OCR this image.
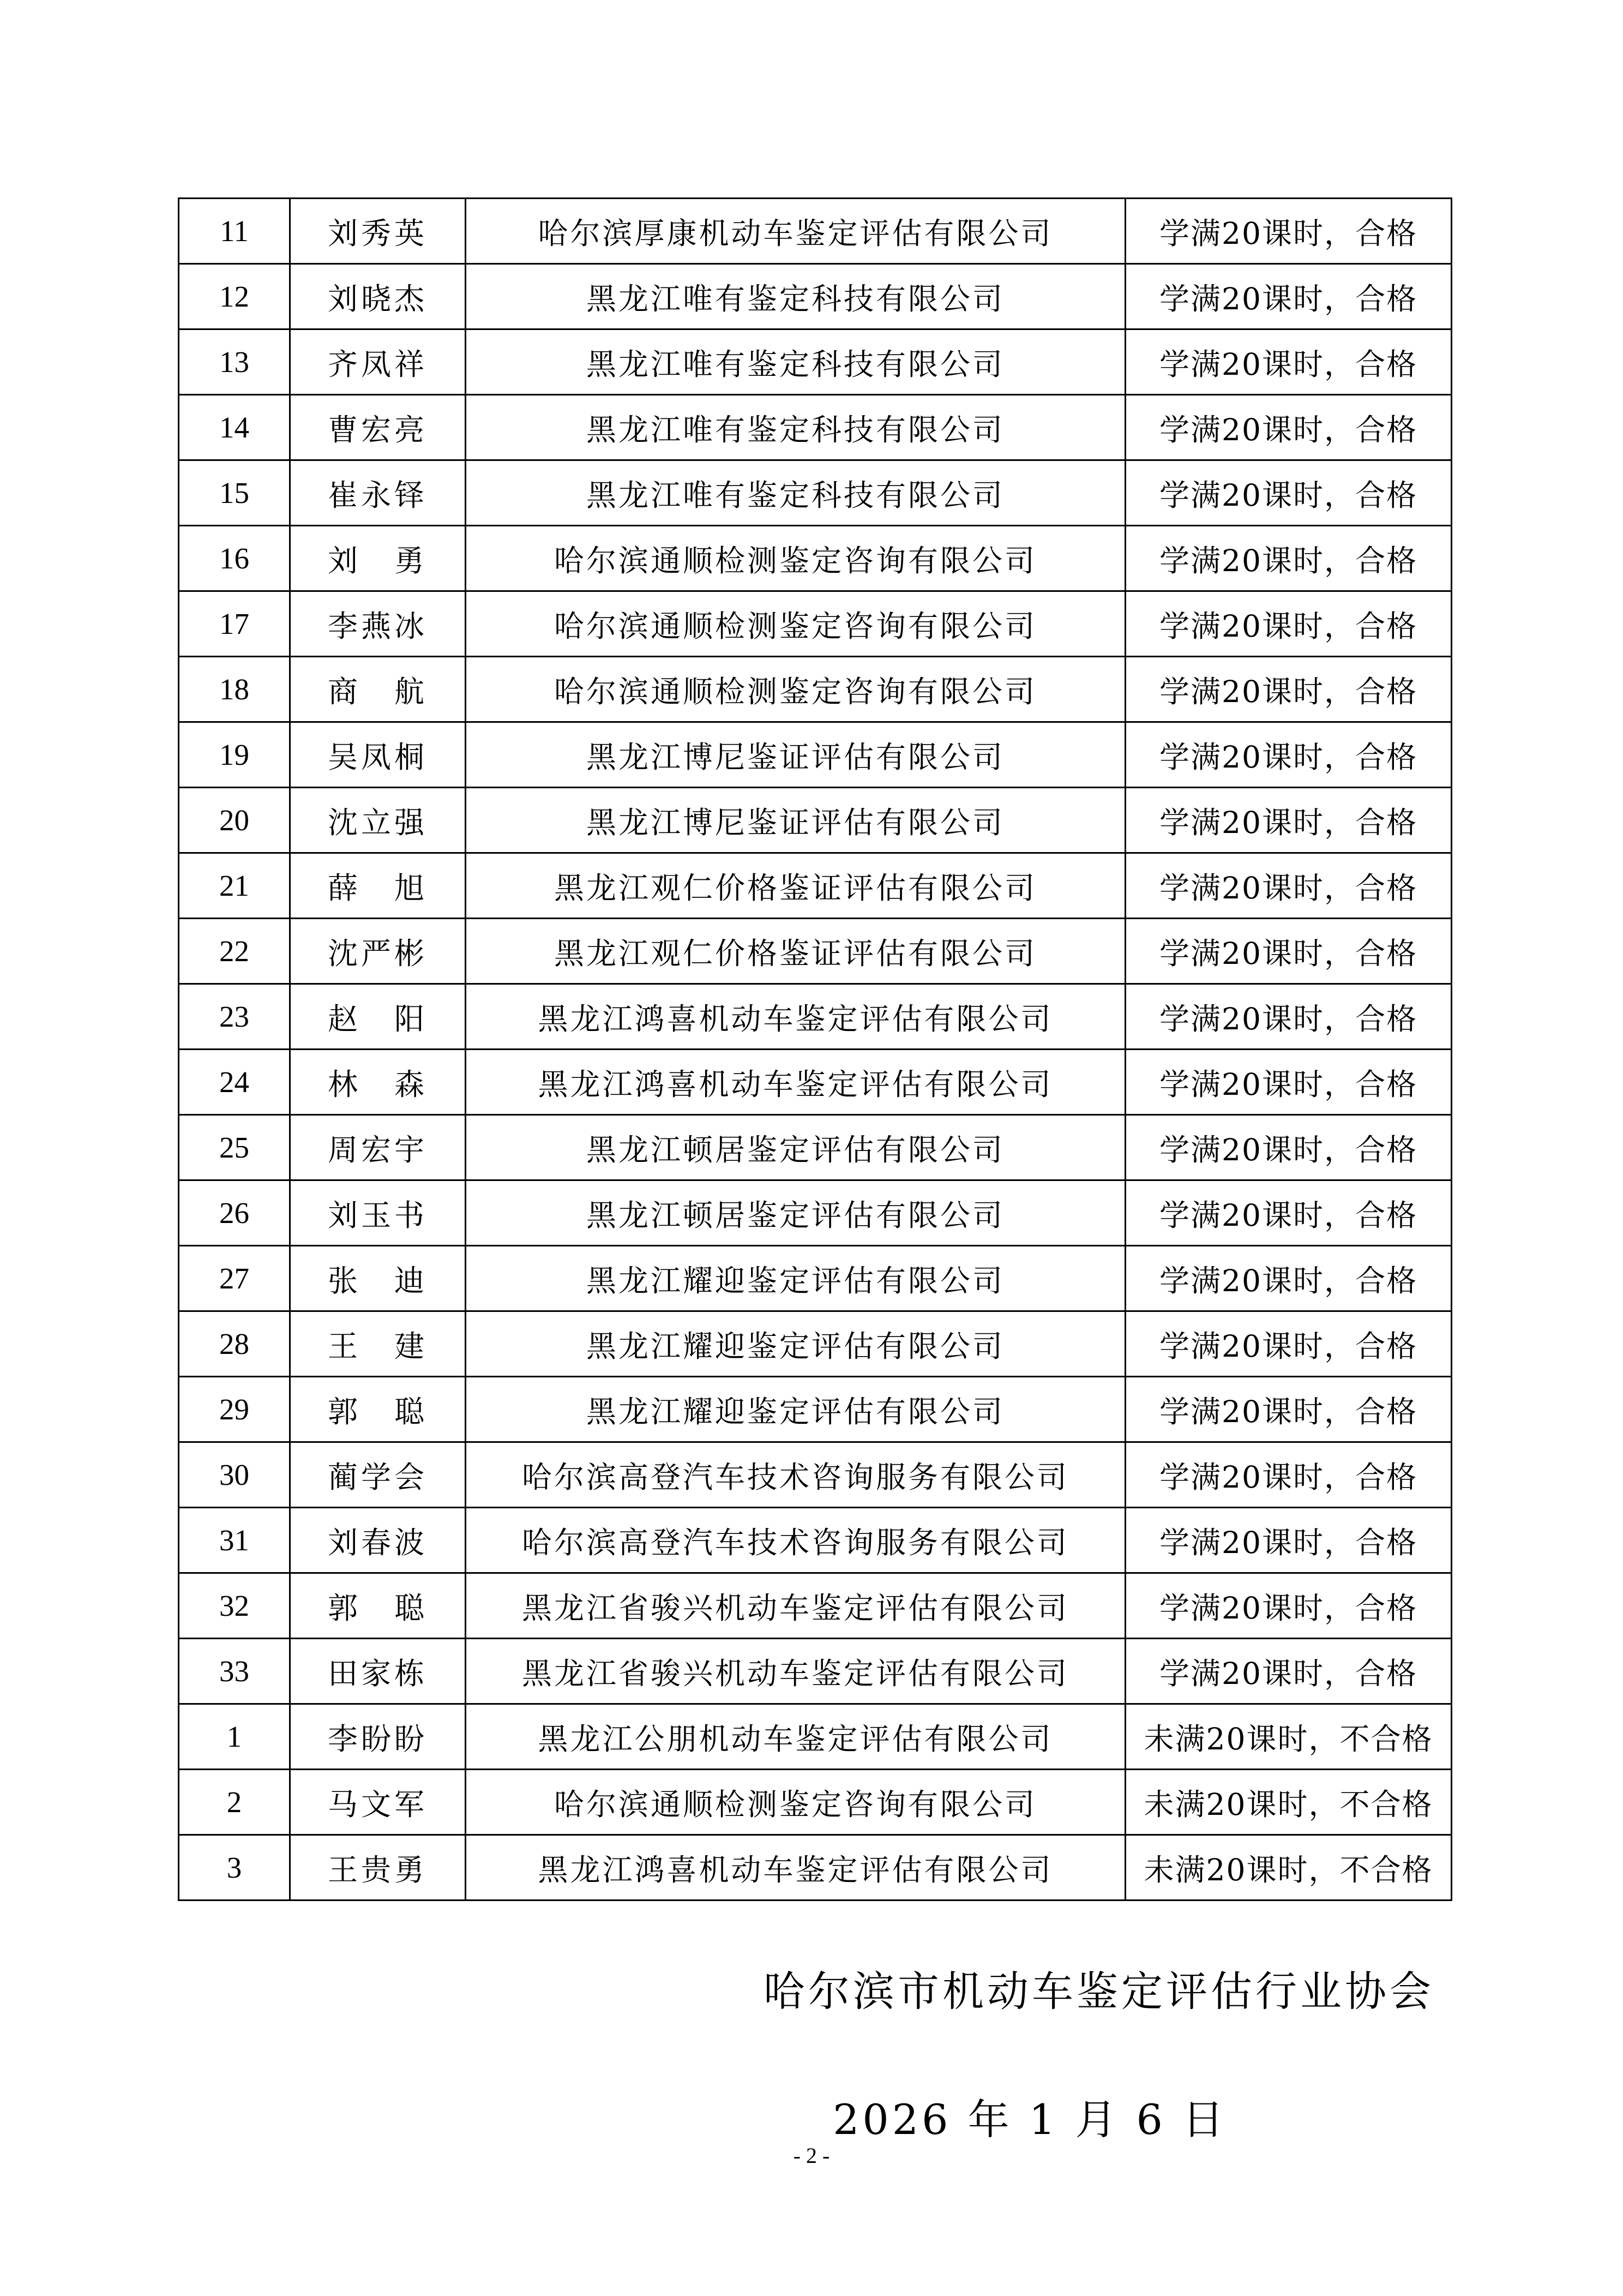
11	刘秀英	哈尔滨厚康机动车鉴定评估有限公司	学满20课时，合格
12	刘晓杰	黑龙江唯有鉴定科技有限公司	学满20课时，合格
13	齐凤祥	黑龙江唯有鉴定科技有限公司	学满20课时，合格
14	曹宏亮	黑龙江唯有鉴定科技有限公司	学满20课时，合格
15	崔永铎	黑龙江唯有鉴定科技有限公司	学满20课时，合格
16	刘　勇	哈尔滨通顺检测鉴定咨询有限公司	学满20课时，合格
17	李燕冰	哈尔滨通顺检测鉴定咨询有限公司	学满20课时，合格
18	商　航	哈尔滨通顺检测鉴定咨询有限公司	学满20课时，合格
19	吴凤桐	黑龙江博尼鉴证评估有限公司	学满20课时，合格
20	沈立强	黑龙江博尼鉴证评估有限公司	学满20课时，合格
21	薛　旭	黑龙江观仁价格鉴证评估有限公司	学满20课时，合格
22	沈严彬	黑龙江观仁价格鉴证评估有限公司	学满20课时，合格
23	赵　阳	黑龙江鸿喜机动车鉴定评估有限公司	学满20课时，合格
24	林　森	黑龙江鸿喜机动车鉴定评估有限公司	学满20课时，合格
25	周宏宇	黑龙江顿居鉴定评估有限公司	学满20课时，合格
26	刘玉书	黑龙江顿居鉴定评估有限公司	学满20课时，合格
27	张　迪	黑龙江耀迎鉴定评估有限公司	学满20课时，合格
28	王　建	黑龙江耀迎鉴定评估有限公司	学满20课时，合格
29	郭　聪	黑龙江耀迎鉴定评估有限公司	学满20课时，合格
30	蔺学会	哈尔滨高登汽车技术咨询服务有限公司	学满20课时，合格
31	刘春波	哈尔滨高登汽车技术咨询服务有限公司	学满20课时，合格
32	郭　聪	黑龙江省骏兴机动车鉴定评估有限公司	学满20课时，合格
33	田家栋	黑龙江省骏兴机动车鉴定评估有限公司	学满20课时，合格
1	李盼盼	黑龙江公朋机动车鉴定评估有限公司	未满20课时，不合格
2	马文军	哈尔滨通顺检测鉴定咨询有限公司	未满20课时，不合格
3	王贵勇	黑龙江鸿喜机动车鉴定评估有限公司	未满20课时，不合格
哈尔滨市机动车鉴定评估行业协会
2026 年 1 月 6 日
- 2 -
